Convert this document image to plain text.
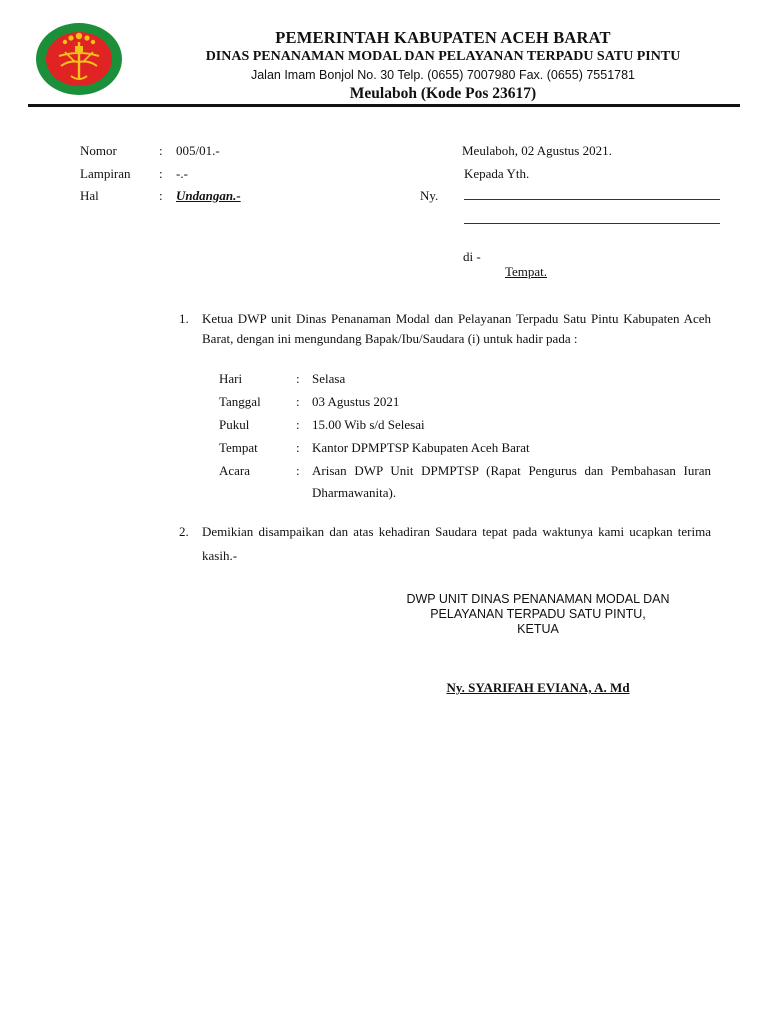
PEMERINTAH KABUPATEN ACEH BARAT
DINAS PENANAMAN MODAL DAN PELAYANAN TERPADU SATU PINTU
Jalan Imam Bonjol No. 30 Telp. (0655) 7007980 Fax. (0655) 7551781
Meulaboh (Kode Pos 23617)
Nomor	: 005/01.-
Lampiran : -.-
Hal	: Undangan.-
Meulaboh, 02 Agustus 2021.
Kepada Yth.
Ny.
di -
Tempat.
1. Ketua DWP unit Dinas Penanaman Modal dan Pelayanan Terpadu Satu Pintu Kabupaten Aceh Barat, dengan ini mengundang Bapak/Ibu/Saudara (i) untuk hadir pada :
Hari	: Selasa
Tanggal	: 03 Agustus 2021
Pukul	: 15.00 Wib s/d Selesai
Tempat	: Kantor DPMPTSP Kabupaten Aceh Barat
Acara	: Arisan DWP Unit DPMPTSP (Rapat Pengurus dan Pembahasan Iuran Dharmawanita).
2. Demikian disampaikan dan atas kehadiran Saudara tepat pada waktunya kami ucapkan terima kasih.-
DWP UNIT DINAS PENANAMAN MODAL DAN
PELAYANAN TERPADU SATU PINTU,
KETUA
Ny. SYARIFAH EVIANA, A. Md
